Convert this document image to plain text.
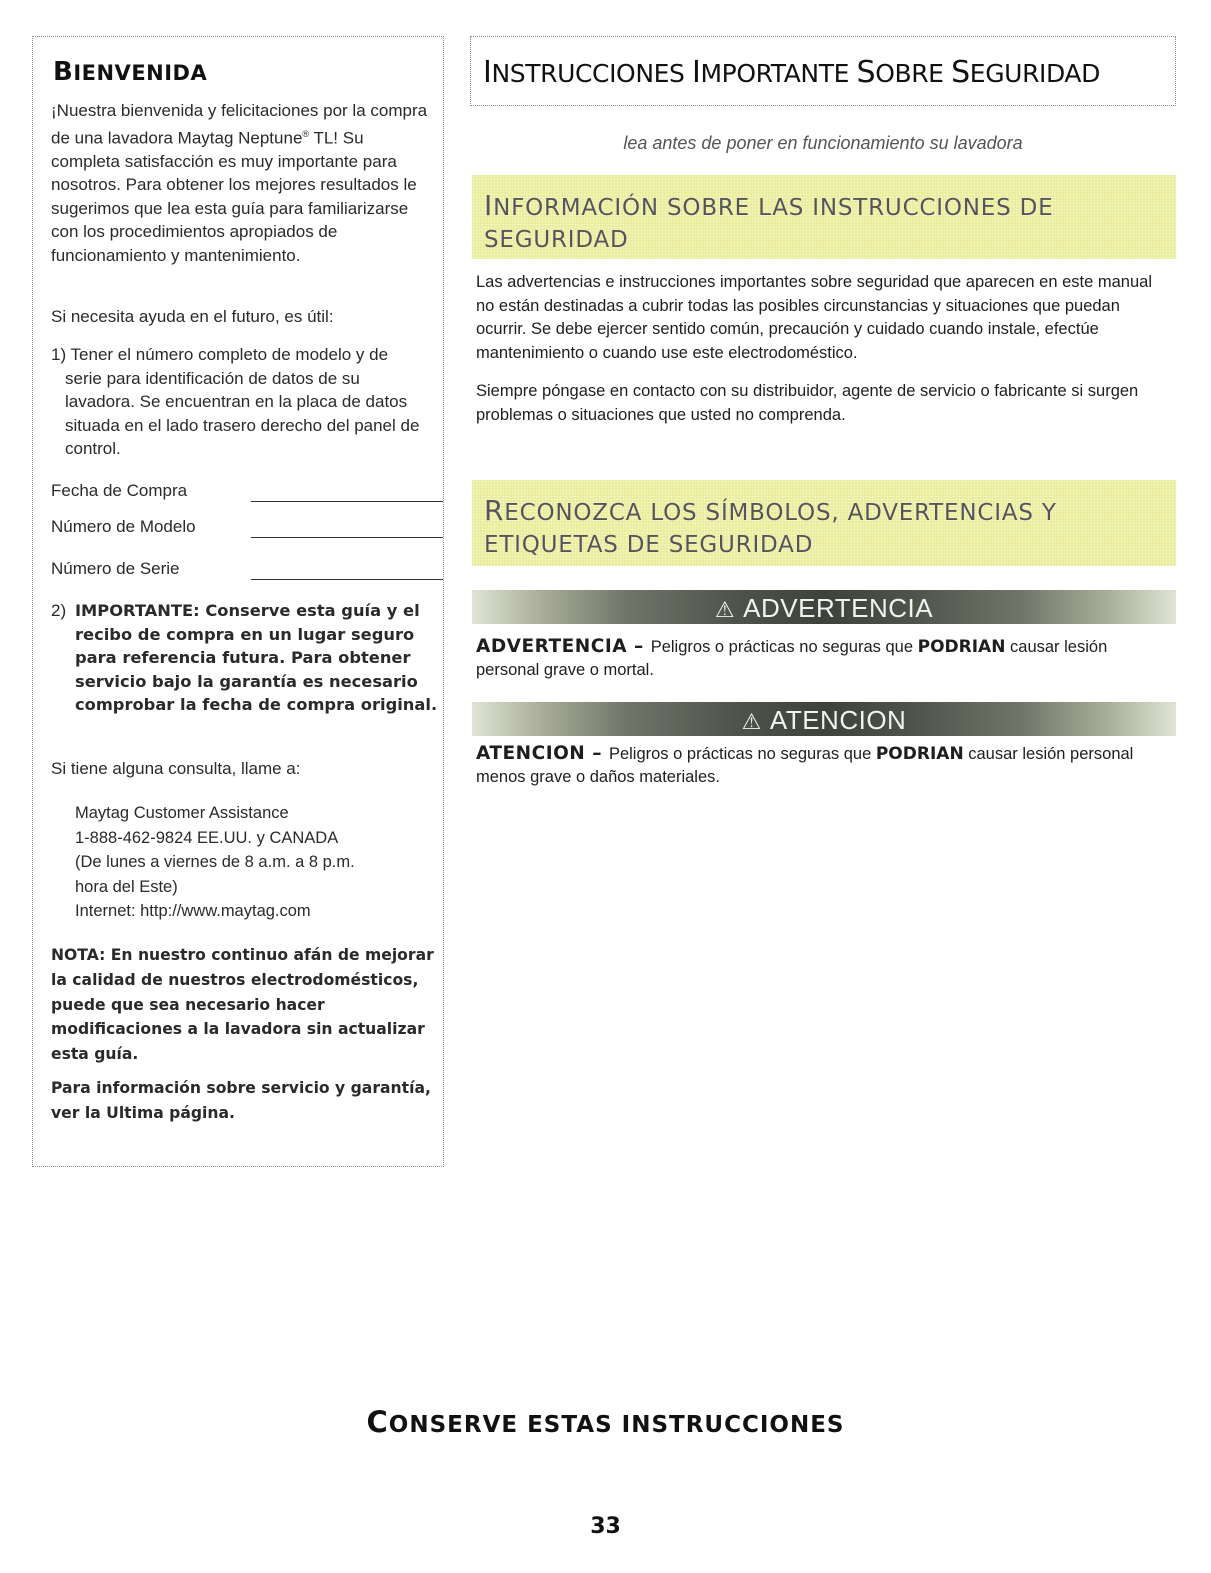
BIENVENIDA
¡Nuestra bienvenida y felicitaciones por la compra de una lavadora Maytag Neptune® TL! Su completa satisfacción es muy importante para nosotros. Para obtener los mejores resultados le sugerimos que lea esta guía para familiarizarse con los procedimientos apropiados de funcionamiento y mantenimiento.
Si necesita ayuda en el futuro, es útil:
1) Tener el número completo de modelo y de serie para identificación de datos de su lavadora. Se encuentran en la placa de datos situada en el lado trasero derecho del panel de control.
Fecha de Compra
Número de Modelo
Número de Serie
2) IMPORTANTE: Conserve esta guía y el recibo de compra en un lugar seguro para referencia futura. Para obtener servicio bajo la garantía es necesario comprobar la fecha de compra original.
Si tiene alguna consulta, llame a:
Maytag Customer Assistance
1-888-462-9824 EE.UU. y CANADA
(De lunes a viernes de 8 a.m. a 8 p.m.
hora del Este)
Internet: http://www.maytag.com
NOTA: En nuestro continuo afán de mejorar la calidad de nuestros electrodomésticos, puede que sea necesario hacer modificaciones a la lavadora sin actualizar esta guía.
Para información sobre servicio y garantía, ver la Ultima página.
INSTRUCCIONES IMPORTANTE SOBRE SEGURIDAD
lea antes de poner en funcionamiento su lavadora
INFORMACIÓN SOBRE LAS INSTRUCCIONES DE
SEGURIDAD
Las advertencias e instrucciones importantes sobre seguridad que aparecen en este manual no están destinadas a cubrir todas las posibles circunstancias y situaciones que puedan ocurrir. Se debe ejercer sentido común, precaución y cuidado cuando instale, efectúe mantenimiento o cuando use este electrodoméstico.
Siempre póngase en contacto con su distribuidor, agente de servicio o fabricante si surgen problemas o situaciones que usted no comprenda.
RECONOZCA LOS SÍMBOLOS, ADVERTENCIAS Y
ETIQUETAS DE SEGURIDAD
⚠ ADVERTENCIA
ADVERTENCIA – Peligros o prácticas no seguras que PODRIAN causar lesión personal grave o mortal.
⚠ ATENCION
ATENCION – Peligros o prácticas no seguras que PODRIAN causar lesión personal menos grave o daños materiales.
CONSERVE ESTAS INSTRUCCIONES
33
